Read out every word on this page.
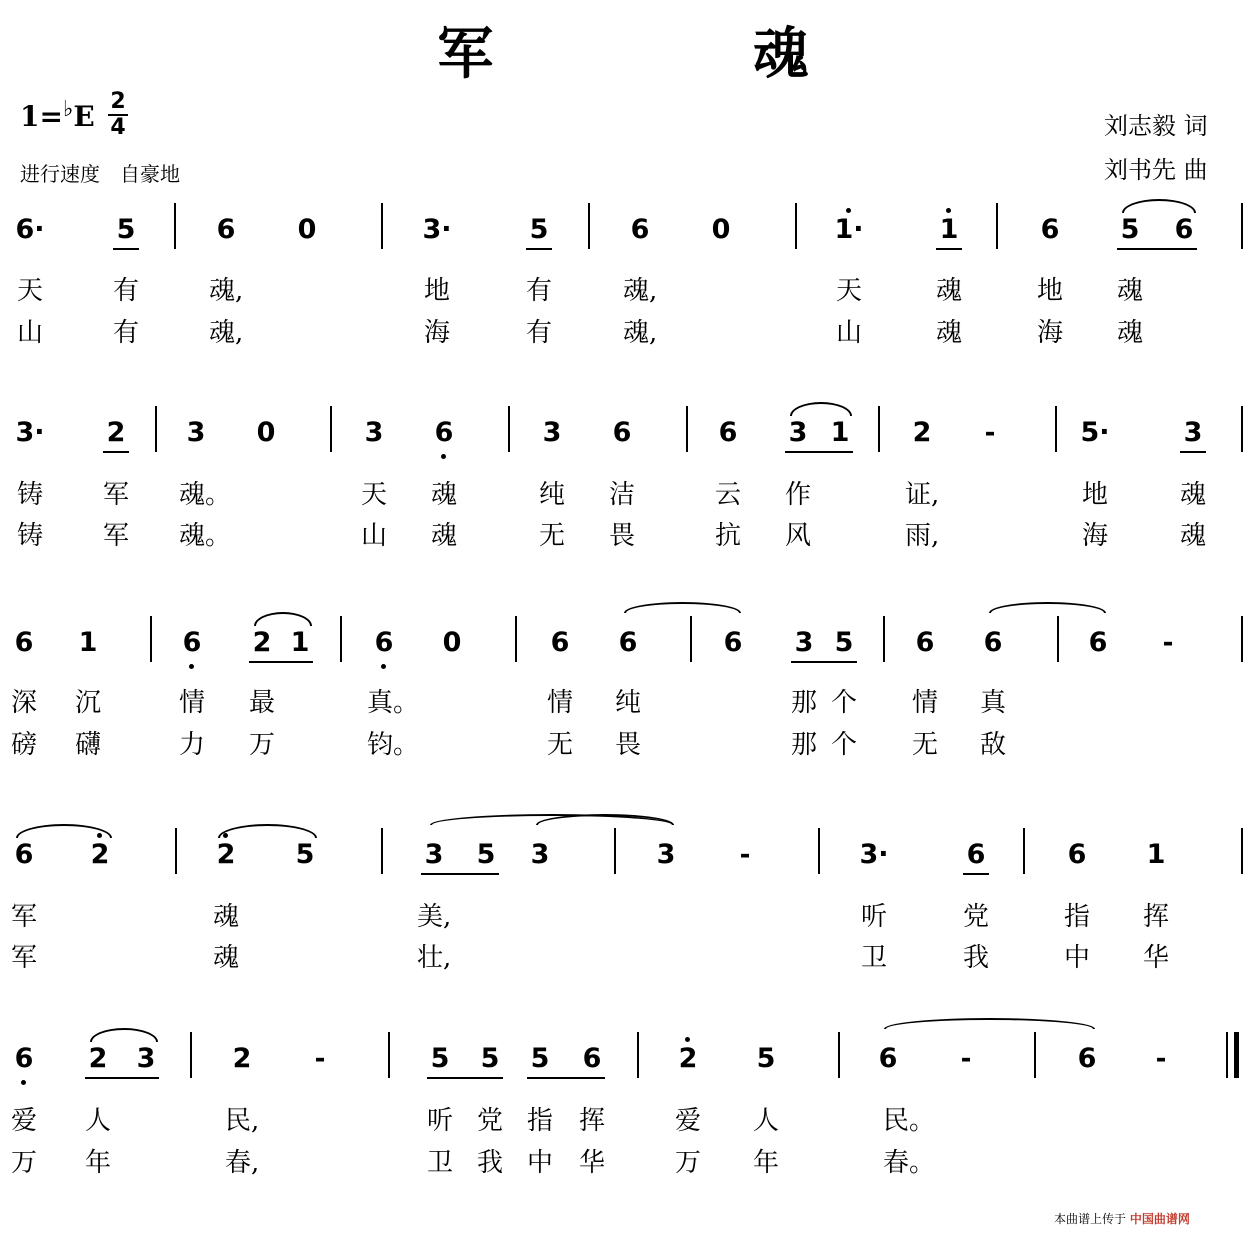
军 魂
1=♭E 2
4
进行速度　自豪地
刘志毅 词
刘书先 曲
本曲谱上传于 中国曲谱网
6·	5	6 0	3·	5	6 0	1·	1	6 5 6
天	有	魂,	地	有	魂,	天	魂	地 魂
山	有	魂,	海	有	魂,	山	魂	海 魂
3· 2 3 0	3 6	3 6	6 3 1 2	-	5·	3
铸 军 魂。	天 魂	纯 洁	云 作	证,	地	魂
铸 军 魂。	山 魂	无 畏	抗 风	雨,	海	魂
6 1	6 2 1 6 0	6 6	6 3 5 6 6	6	-
深 沉	情 最	真。	情 纯	那 个 情 真
磅 礴	力 万	钧。	无 畏	那 个 无 敌
6 2	2 5	3 5 3	3	-	3·	6	6 1
军	魂	美,	听	党	指 挥
军	魂	壮,	卫	我	中 华
6 2 3	2	-	5 5 5 6	2 5	6	-	6	-
爱 人	民,	听 党 指 挥	爱 人	民。
万 年	春,	卫 我 中 华	万 年	春。
